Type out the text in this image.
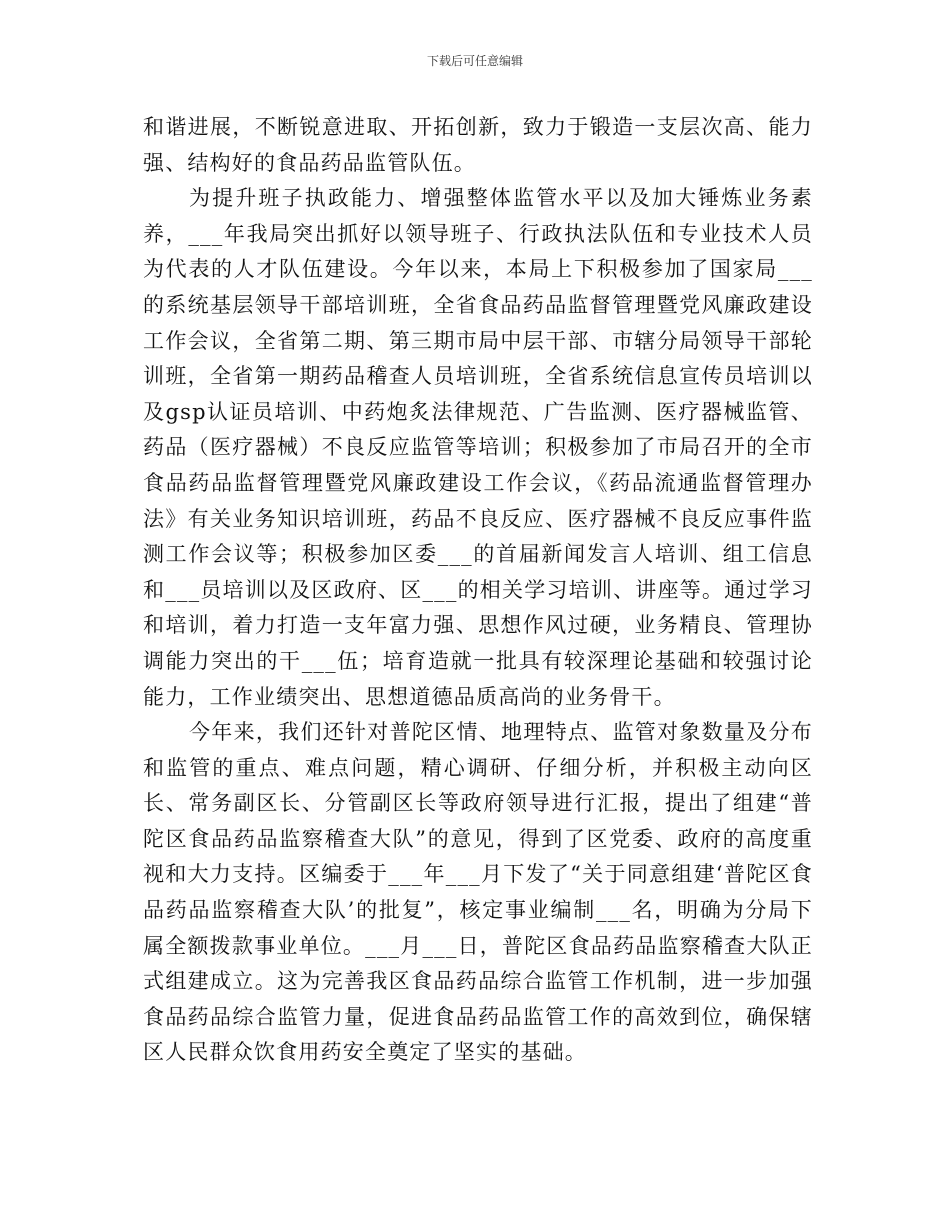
下载后可任意编辑

和谐进展，不断锐意进取、开拓创新，致力于锻造一支层次高、能力强、结构好的食品药品监管队伍。

为提升班子执政能力、增强整体监管水平以及加大锤炼业务素养，___年我局突出抓好以领导班子、行政执法队伍和专业技术人员为代表的人才队伍建设。今年以来，本局上下积极参加了国家局___的系统基层领导干部培训班，全省食品药品监督管理暨党风廉政建设工作会议，全省第二期、第三期市局中层干部、市辖分局领导干部轮训班，全省第一期药品稽查人员培训班，全省系统信息宣传员培训以及gsp认证员培训、中药炮炙法律规范、广告监测、医疗器械监管、药品（医疗器械）不良反应监管等培训；积极参加了市局召开的全市食品药品监督管理暨党风廉政建设工作会议，《药品流通监督管理办法》有关业务知识培训班，药品不良反应、医疗器械不良反应事件监测工作会议等；积极参加区委___的首届新闻发言人培训、组工信息和___员培训以及区政府、区___的相关学习培训、讲座等。通过学习和培训，着力打造一支年富力强、思想作风过硬，业务精良、管理协调能力突出的干___伍；培育造就一批具有较深理论基础和较强讨论能力，工作业绩突出、思想道德品质高尚的业务骨干。

今年来，我们还针对普陀区情、地理特点、监管对象数量及分布和监管的重点、难点问题，精心调研、仔细分析，并积极主动向区长、常务副区长、分管副区长等政府领导进行汇报，提出了组建“普陀区食品药品监察稽查大队”的意见，得到了区党委、政府的高度重视和大力支持。区编委于___年___月下发了“关于同意组建‘普陀区食品药品监察稽查大队’的批复”，核定事业编制___名，明确为分局下属全额拨款事业单位。___月___日，普陀区食品药品监察稽查大队正式组建成立。这为完善我区食品药品综合监管工作机制，进一步加强食品药品综合监管力量，促进食品药品监管工作的高效到位，确保辖区人民群众饮食用药安全奠定了坚实的基础。
